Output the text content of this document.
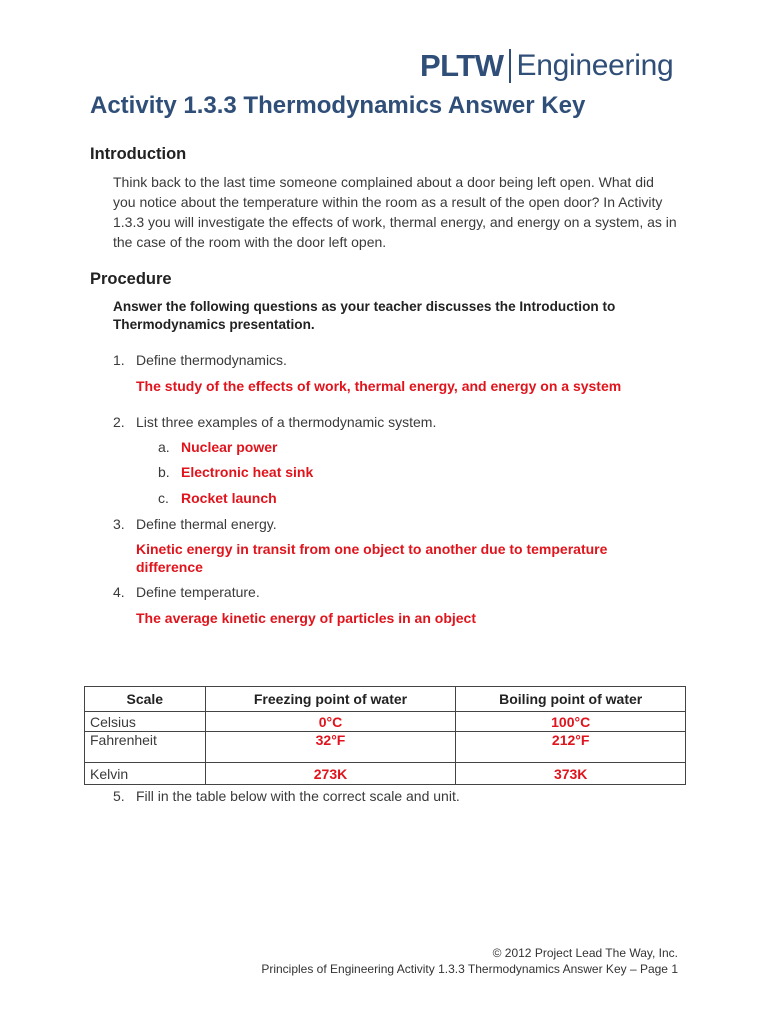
PLTW Engineering
Activity 1.3.3 Thermodynamics Answer Key
Introduction

Think back to the last time someone complained about a door being left open. What did you notice about the temperature within the room as a result of the open door? In Activity 1.3.3 you will investigate the effects of work, thermal energy, and energy on a system, as in the case of the room with the door left open.

Procedure

Answer the following questions as your teacher discusses the Introduction to Thermodynamics presentation.

1. Define thermodynamics.
The study of the effects of work, thermal energy, and energy on a system
2. List three examples of a thermodynamic system.
a. Nuclear power
b. Electronic heat sink
c. Rocket launch
3. Define thermal energy.
Kinetic energy in transit from one object to another due to temperature difference
4. Define temperature.
The average kinetic energy of particles in an object
Scale	Freezing point of water	Boiling point of water
Celsius	0°C	100°C
Fahrenheit	32°F	212°F
Kelvin	273K	373K
5. Fill in the table below with the correct scale and unit.
© 2012 Project Lead The Way, Inc.
Principles of Engineering Activity 1.3.3 Thermodynamics Answer Key – Page 1
